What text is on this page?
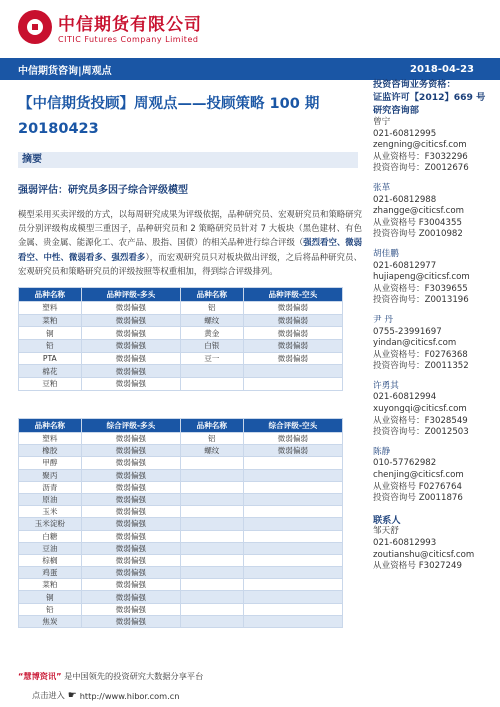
中信期货有限公司
CITIC Futures Company Limited
中信期货咨询|周观点	2018-04-23
【中信期货投顾】周观点——投顾策略 100 期 20180423
摘要
强弱评估：研究员多因子综合评级模型
模型采用买卖评级的方式，以每周研究成果为评级依据，品种研究员、宏观研究员和策略研究员分别评级构成模型三重因子，品种研究员和 2 策略研究员针对 7 大板块（黑色建材、有色金属、贵金属、能源化工、农产品、股指、国债）的相关品种进行综合评级（强烈看空、微弱看空、中性、微弱看多、强烈看多），而宏观研究员只对板块做出评级，之后将品种研究员、宏观研究员和策略研究员的评级按照等权重相加，得到综合评级排列。
品种名称	品种评级-多头	品种名称	品种评级-空头
塑料	微弱偏强	铝	微弱偏弱
菜粕	微弱偏强	螺纹	微弱偏弱
铜	微弱偏强	黄金	微弱偏弱
铅	微弱偏强	白银	微弱偏弱
PTA	微弱偏强	豆一	微弱偏弱
棉花	微弱偏强		
豆粕	微弱偏强		
品种名称	综合评级-多头	品种名称	综合评级-空头
塑料	微弱偏强	铝	微弱偏弱
橡胶	微弱偏强	螺纹	微弱偏弱
甲醇	微弱偏强		
聚丙	微弱偏强		
沥青	微弱偏强		
原油	微弱偏强		
玉米	微弱偏强		
玉米淀粉	微弱偏强		
白糖	微弱偏强		
豆油	微弱偏强		
棕榈	微弱偏强		
鸡蛋	微弱偏强		
菜粕	微弱偏强		
铜	微弱偏强		
铅	微弱偏强		
焦炭	微弱偏强		
投资咨询业务资格：
证监许可【2012】669 号
研究咨询部
曾宁
021-60812995
zengning@citicsf.com
从业资格号：F3032296
投资咨询号：Z0012676
张革
021-60812988
zhangge@citicsf.com
从业资格号 F3004355
投资咨询号 Z0010982
胡佳鹏
021-60812977
hujiapeng@citicsf.com
从业资格号：F3039655
投资咨询号：Z0013196
尹 丹
0755-23991697
yindan@citicsf.com
从业资格号：F0276368
投资咨询号：Z0011352
许勇其
021-60812994
xuyongqi@citicsf.com
从业资格号：F3028549
投资咨询号：Z0012503
陈静
010-57762982
chenjing@citicsf.com
从业资格号 F0276764
投资咨询号 Z0011876
联系人
邹天舒
021-60812993
zoutianshu@citicsf.com
从业资格号 F3027249
“慧博资讯” 是中国领先的投资研究大数据分享平台
点击进入 ☛ http://www.hibor.com.cn
